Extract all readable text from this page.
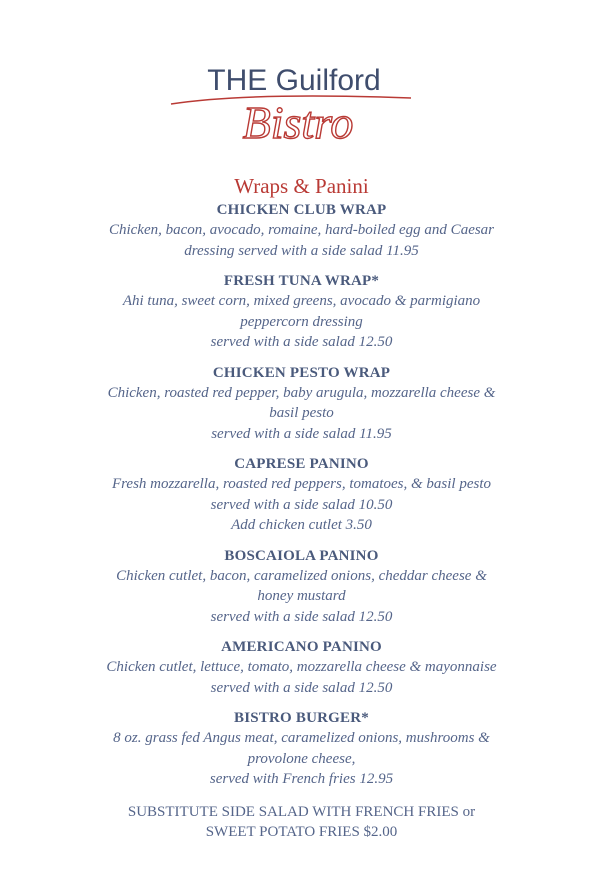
THE Guilford
Bistro
Wraps & Panini
CHICKEN CLUB WRAP
Chicken, bacon, avocado, romaine, hard-boiled egg and Caesar
dressing served with a side salad 11.95
FRESH TUNA WRAP*
Ahi tuna, sweet corn, mixed greens, avocado & parmigiano
peppercorn dressing
served with a side salad 12.50
CHICKEN PESTO WRAP
Chicken, roasted red pepper, baby arugula, mozzarella cheese &
basil pesto
served with a side salad 11.95
CAPRESE PANINO
Fresh mozzarella, roasted red peppers, tomatoes, & basil pesto
served with a side salad 10.50
Add chicken cutlet 3.50
BOSCAIOLA PANINO
Chicken cutlet, bacon, caramelized onions, cheddar cheese &
honey mustard
served with a side salad 12.50
AMERICANO PANINO
Chicken cutlet, lettuce, tomato, mozzarella cheese & mayonnaise
served with a side salad 12.50
BISTRO BURGER*
8 oz. grass fed Angus meat, caramelized onions, mushrooms &
provolone cheese,
served with French fries 12.95
SUBSTITUTE SIDE SALAD WITH FRENCH FRIES or
SWEET POTATO FRIES $2.00
